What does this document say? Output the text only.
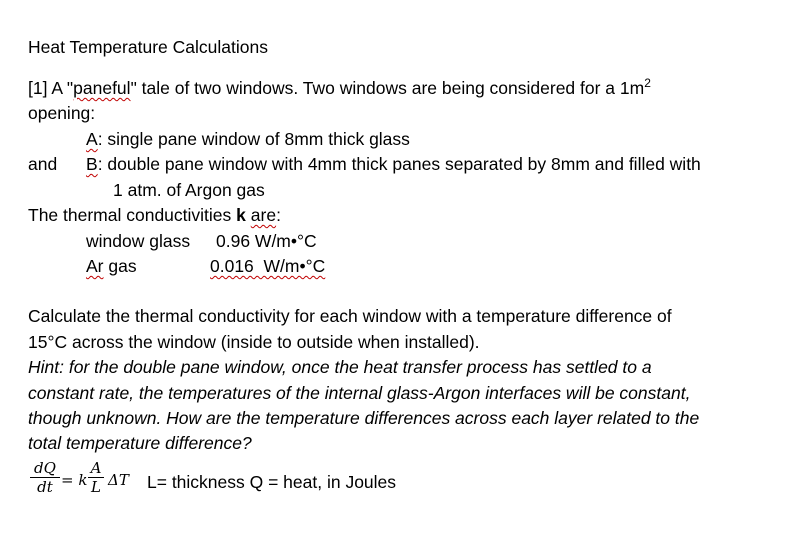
Heat Temperature Calculations
[1] A "paneful" tale of two windows. Two windows are being considered for a $1m^2$
opening:
A: single pane window of 8mm thick glass
and B: double pane window with 4mm thick panes separated by 8mm and filled with
1 atm. of Argon gas
The thermal conductivities k are:
window glass 0.96 W/m•°C
Ar gas	0.016  W/m•°C
Calculate the thermal conductivity for each window with a temperature difference of
15°C across the window (inside to outside when installed).
Hint: for the double pane window, once the heat transfer process has settled to a
constant rate, the temperatures of the internal glass-Argon interfaces will be constant,
though unknown. How are the temperature differences across each layer related to the
total temperature difference?
$\frac{dQ}{dt} = k \frac{A}{L}$ ΔT L= thickness Q = heat, in Joules
